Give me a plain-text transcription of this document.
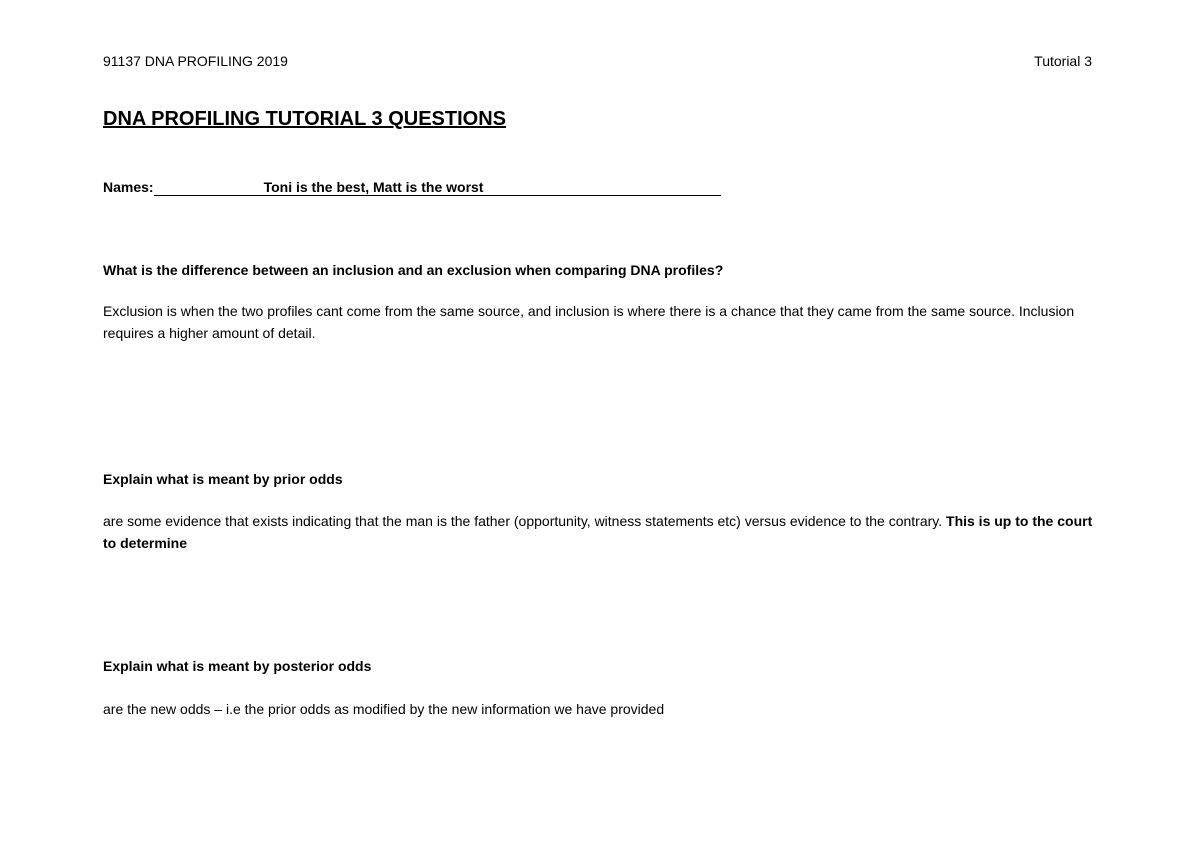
91137 DNA PROFILING 2019	Tutorial 3
DNA PROFILING TUTORIAL 3 QUESTIONS
Names:	Toni is the best, Matt is the worst
What is the difference between an inclusion and an exclusion when comparing DNA profiles?
Exclusion is when the two profiles cant come from the same source, and inclusion is where there is a chance that they came from the same source. Inclusion requires a higher amount of detail.
Explain what is meant by prior odds
are some evidence that exists indicating that the man is the father (opportunity, witness statements etc) versus evidence to the contrary. This is up to the court to determine
Explain what is meant by posterior odds
are the new odds – i.e the prior odds as modified by the new information we have provided
